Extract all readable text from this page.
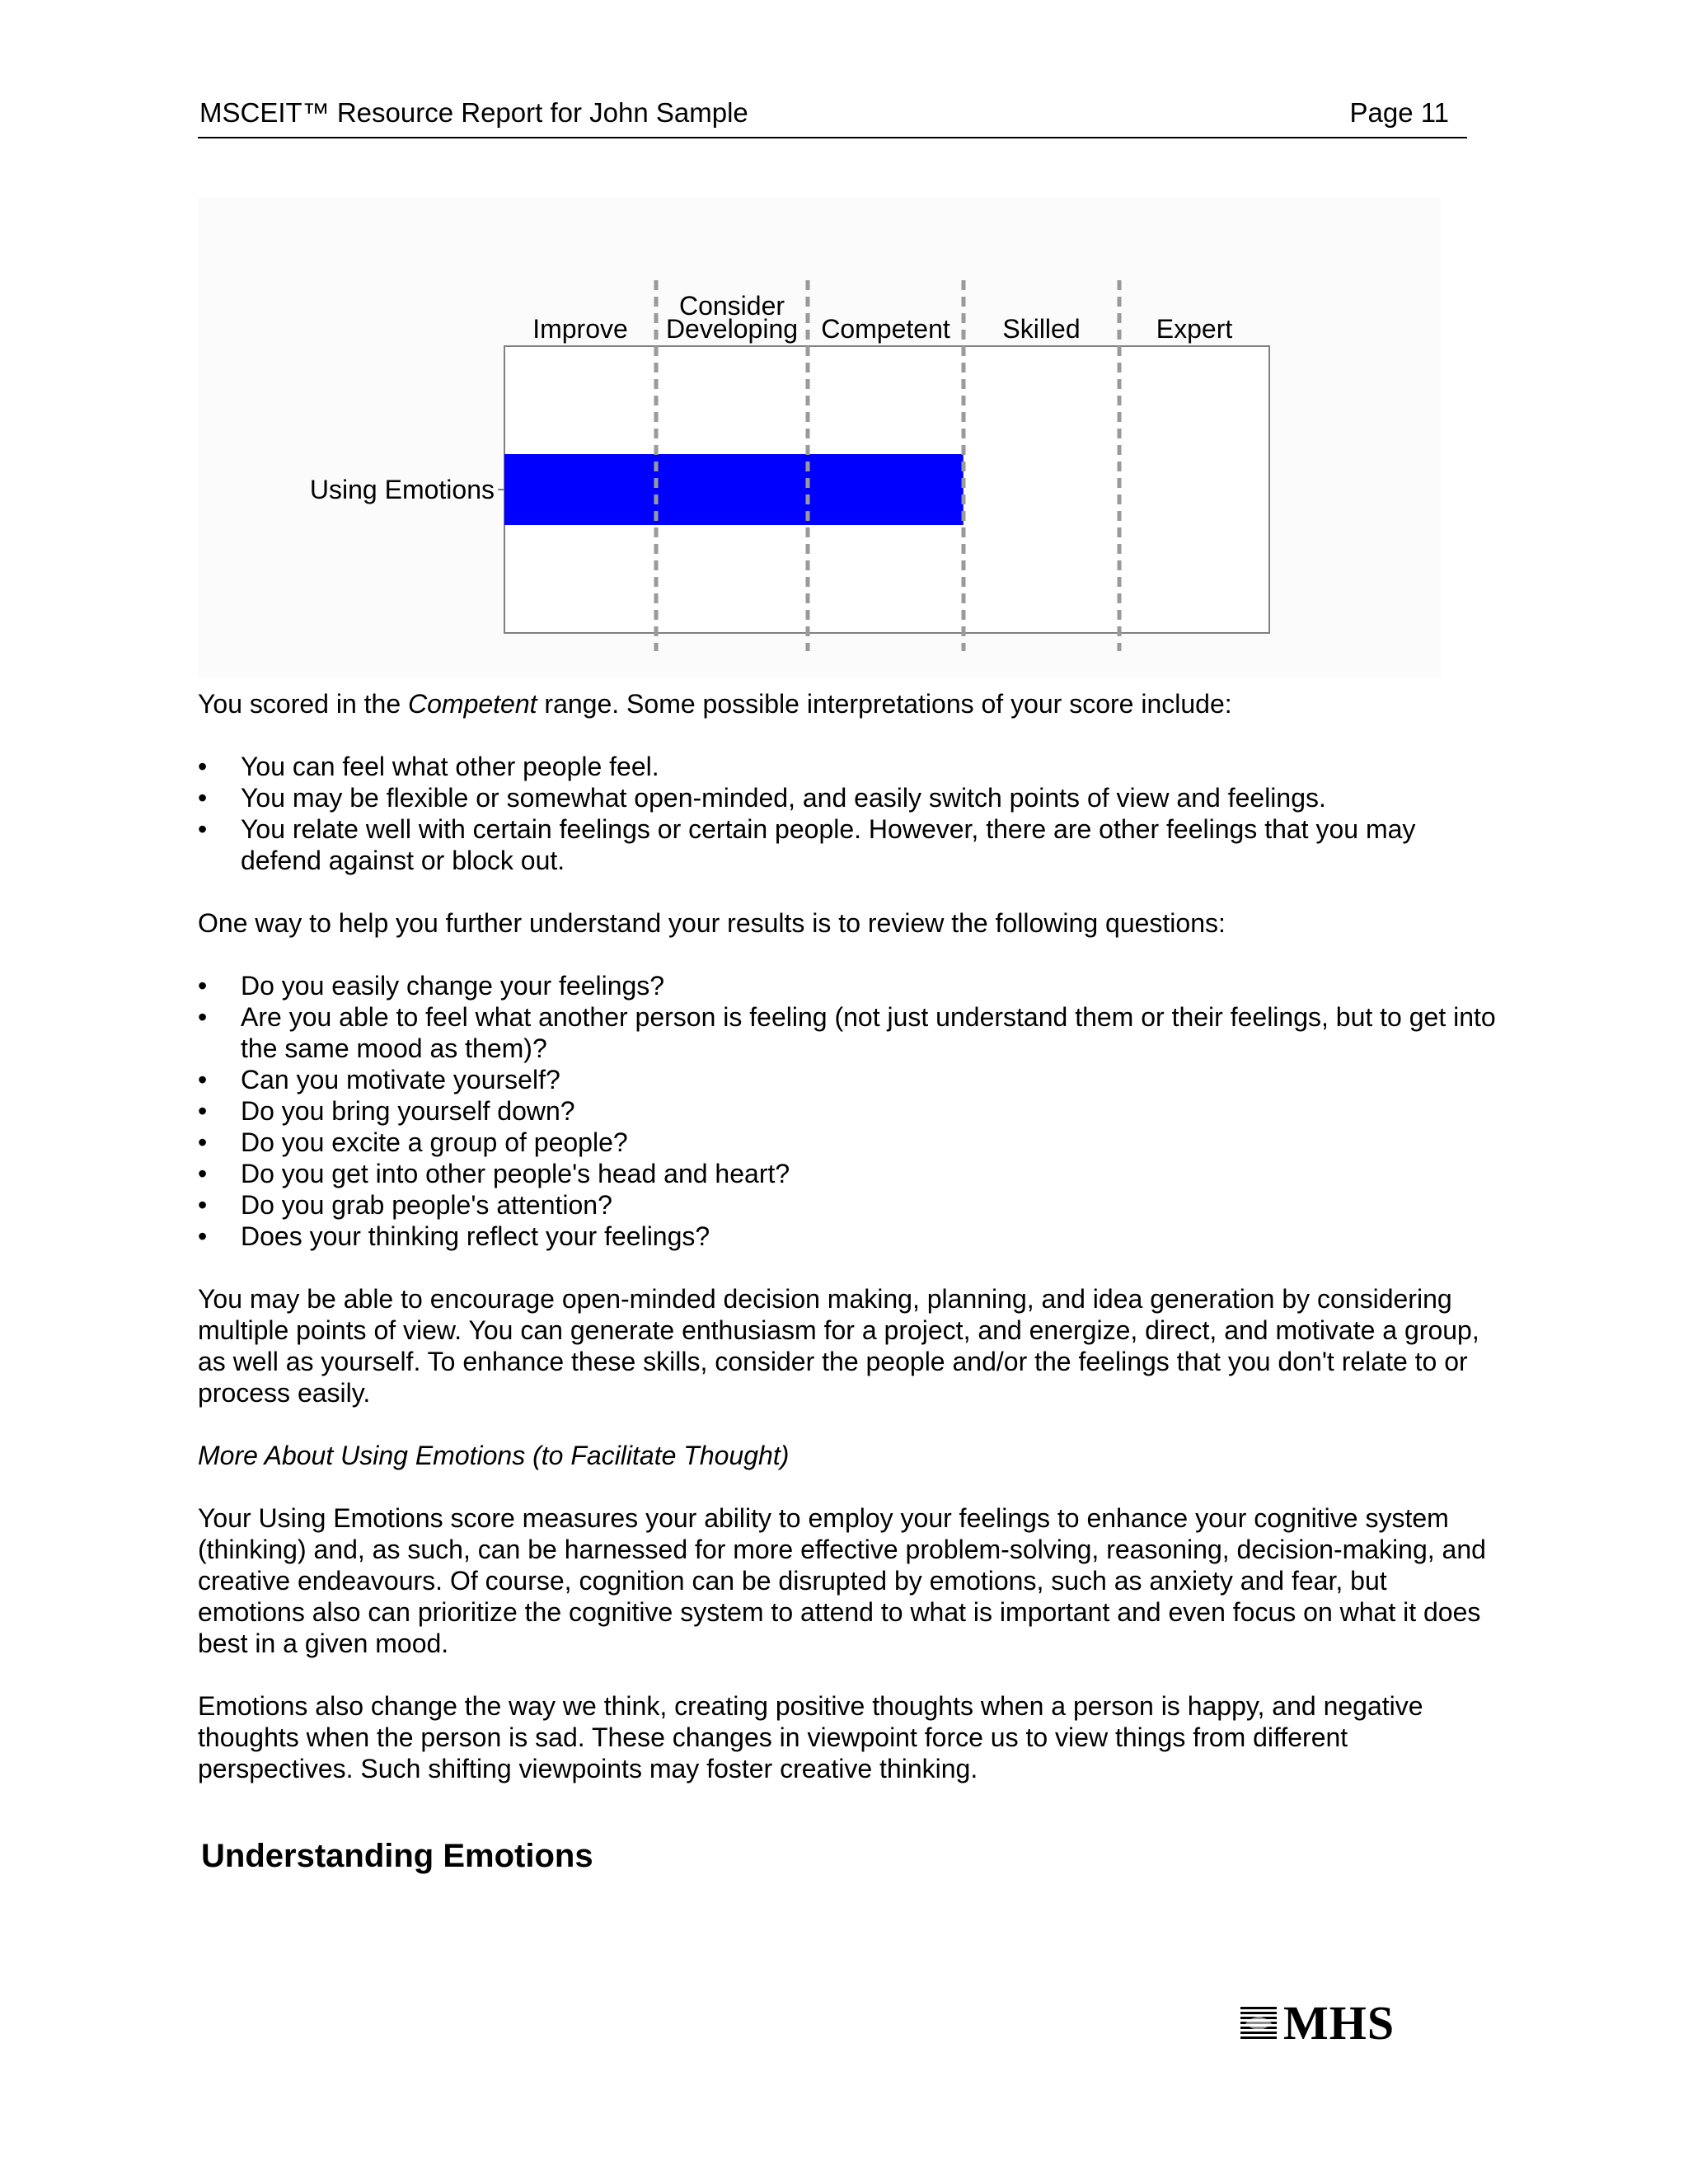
MSCEIT™ Resource Report for John Sample	Page 11
Improve
Consider
Developing Competent Skilled	Expert
Using Emotions

You scored in the Competent range. Some possible interpretations of your score include:

• You can feel what other people feel.
• You may be flexible or somewhat open-minded, and easily switch points of view and feelings.
• You relate well with certain feelings or certain people. However, there are other feelings that you may defend against or block out.

One way to help you further understand your results is to review the following questions:

• Do you easily change your feelings?
• Are you able to feel what another person is feeling (not just understand them or their feelings, but to get into the same mood as them)?
• Can you motivate yourself?
• Do you bring yourself down?
• Do you excite a group of people?
• Do you get into other people's head and heart?
• Do you grab people's attention?
• Does your thinking reflect your feelings?

You may be able to encourage open-minded decision making, planning, and idea generation by considering multiple points of view. You can generate enthusiasm for a project, and energize, direct, and motivate a group, as well as yourself. To enhance these skills, consider the people and/or the feelings that you don't relate to or process easily.

More About Using Emotions (to Facilitate Thought)

Your Using Emotions score measures your ability to employ your feelings to enhance your cognitive system (thinking) and, as such, can be harnessed for more effective problem-solving, reasoning, decision-making, and creative endeavours. Of course, cognition can be disrupted by emotions, such as anxiety and fear, but emotions also can prioritize the cognitive system to attend to what is important and even focus on what it does best in a given mood.

Emotions also change the way we think, creating positive thoughts when a person is happy, and negative thoughts when the person is sad. These changes in viewpoint force us to view things from different perspectives. Such shifting viewpoints may foster creative thinking.

Understanding Emotions
MHS
